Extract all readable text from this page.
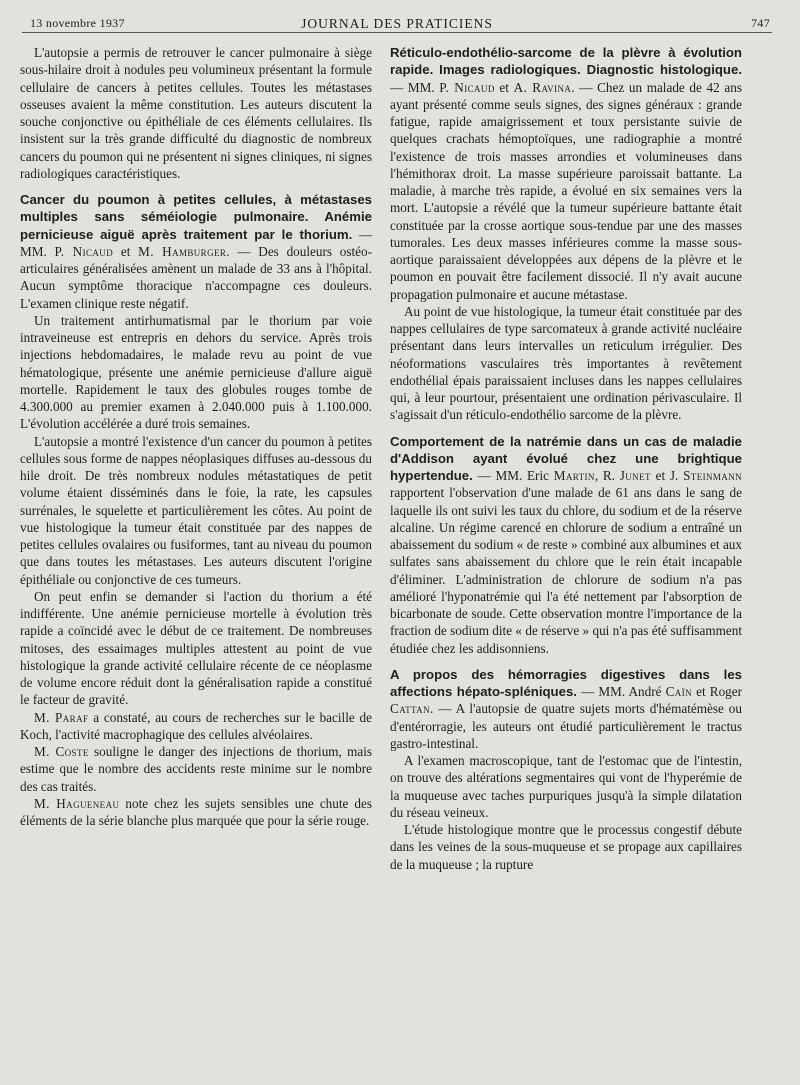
13 novembre 1937	JOURNAL DES PRATICIENS	747

L'autopsie a permis de retrouver le cancer pulmonaire à siège sous-hilaire droit à nodules peu volumineux présentant la formule cellulaire de cancers à petites cellules. Toutes les métastases osseuses avaient la même constitution. Les auteurs discutent la souche conjonctive ou épithéliale de ces éléments cellulaires. Ils insistent sur la très grande difficulté du diagnostic de nombreux cancers du poumon qui ne présentent ni signes cliniques, ni signes radiologiques caractéristiques.

Cancer du poumon à petites cellules, à métastases multiples sans séméiologie pulmonaire. Anémie pernicieuse aiguë après traitement par le thorium. — MM. P. Nicaud et M. Hamburger. — Des douleurs ostéo-articulaires généralisées amènent un malade de 33 ans à l'hôpital. Aucun symptôme thoracique n'accompagne ces douleurs. L'examen clinique reste négatif.

Un traitement antirhumatismal par le thorium par voie intraveineuse est entrepris en dehors du service. Après trois injections hebdomadaires, le malade revu au point de vue hématologique, présente une anémie pernicieuse d'allure aiguë mortelle. Rapidement le taux des globules rouges tombe de 4.300.000 au premier examen à 2.040.000 puis à 1.100.000. L'évolution accélérée a duré trois semaines.

L'autopsie a montré l'existence d'un cancer du poumon à petites cellules sous forme de nappes néoplasiques diffuses au-dessous du hile droit. De très nombreux nodules métastatiques de petit volume étaient disséminés dans le foie, la rate, les capsules surrénales, le squelette et particulièrement les côtes. Au point de vue histologique la tumeur était constituée par des nappes de petites cellules ovalaires ou fusiformes, tant au niveau du poumon que dans toutes les métastases. Les auteurs discutent l'origine épithéliale ou conjonctive de ces tumeurs.

On peut enfin se demander si l'action du thorium a été indifférente. Une anémie pernicieuse mortelle à évolution très rapide a coïncidé avec le début de ce traitement. De nombreuses mitoses, des essaimages multiples attestent au point de vue histologique la grande activité cellulaire récente de ce néoplasme de volume encore réduit dont la généralisation rapide a constitué le facteur de gravité.

M. Paraf a constaté, au cours de recherches sur le bacille de Koch, l'activité macrophagique des cellules alvéolaires.

M. Coste souligne le danger des injections de thorium, mais estime que le nombre des accidents reste minime sur le nombre des cas traités.

M. Hagueneau note chez les sujets sensibles une chute des éléments de la série blanche plus marquée que pour la série rouge.

Réticulo-endothélio-sarcome de la plèvre à évolution rapide. Images radiologiques. Diagnostic histologique. — MM. P. Nicaud et A. Ravina. — Chez un malade de 42 ans ayant présenté comme seuls signes, des signes généraux : grande fatigue, rapide amaigrissement et toux persistante suivie de quelques crachats hémoptoïques, une radiographie a montré l'existence de trois masses arrondies et volumineuses dans l'hémithorax droit. La masse supérieure paroissait battante. La maladie, à marche très rapide, a évolué en six semaines vers la mort. L'autopsie a révélé que la tumeur supérieure battante était constituée par la crosse aortique sous-tendue par une des masses tumorales. Les deux masses inférieures comme la masse sous-aortique paraissaient développées aux dépens de la plèvre et le poumon en pouvait être facilement dissocié. Il n'y avait aucune propagation pulmonaire et aucune métastase.

Au point de vue histologique, la tumeur était constituée par des nappes cellulaires de type sarcomateux à grande activité nucléaire présentant dans leurs intervalles un reticulum irrégulier. Des néoformations vasculaires très importantes à revêtement endothélial épais paraissaient incluses dans les nappes cellulaires qui, à leur pourtour, présentaient une ordination périvasculaire. Il s'agissait d'un réticulo-endothélio sarcome de la plèvre.

Comportement de la natrémie dans un cas de maladie d'Addison ayant évolué chez une brightique hypertendue. — MM. Eric Martin, R. Junet et J. Steinmann rapportent l'observation d'une malade de 61 ans dans le sang de laquelle ils ont suivi les taux du chlore, du sodium et de la réserve alcaline. Un régime carencé en chlorure de sodium a entraîné un abaissement du sodium « de reste » combiné aux albumines et aux sulfates sans abaissement du chlore que le rein était incapable d'éliminer. L'administration de chlorure de sodium n'a pas amélioré l'hyponatrémie qui l'a été nettement par l'absorption de bicarbonate de soude. Cette observation montre l'importance de la fraction de sodium dite « de réserve » qui n'a pas été suffisamment étudiée chez les addisonniens.

A propos des hémorragies digestives dans les affections hépato-spléniques. — MM. André Caïn et Roger Cattan. — A l'autopsie de quatre sujets morts d'hématémèse ou d'entérorragie, les auteurs ont étudié particulièrement le tractus gastro-intestinal.

A l'examen macroscopique, tant de l'estomac que de l'intestin, on trouve des altérations segmentaires qui vont de l'hyperémie de la muqueuse avec taches purpuriques jusqu'à la simple dilatation du réseau veineux.

L'étude histologique montre que le processus congestif débute dans les veines de la sous-muqueuse et se propage aux capillaires de la muqueuse ; la rupture
